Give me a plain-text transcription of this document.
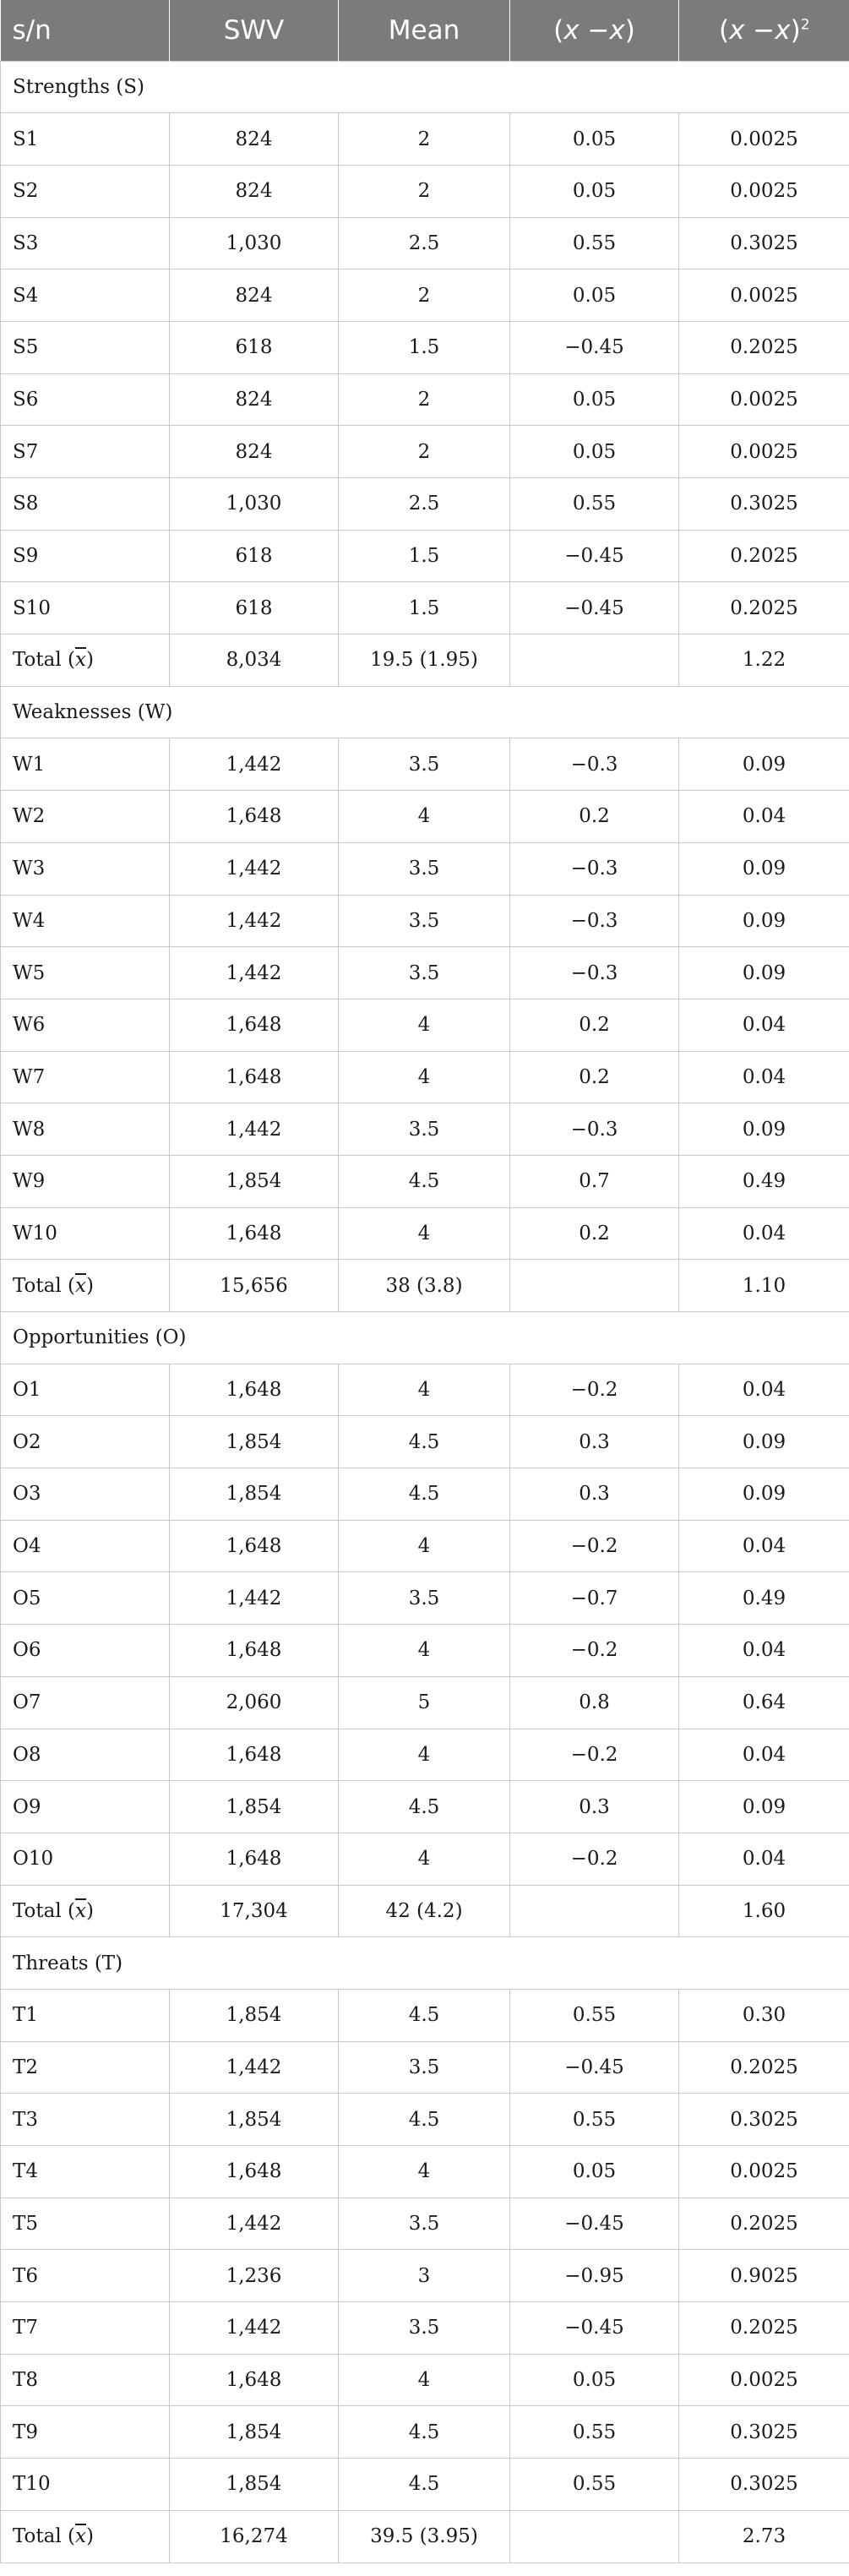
s/n	SWV	Mean	(x −x)	$(x -x)^2$
Strengths (S)				
S1	824	2	0.05	0.0025
S2	824	2	0.05	0.0025
S3	1,030	2.5	0.55	0.3025
S4	824	2	0.05	0.0025
S5	618	1.5	−0.45	0.2025
S6	824	2	0.05	0.0025
S7	824	2	0.05	0.0025
S8	1,030	2.5	0.55	0.3025
S9	618	1.5	−0.45	0.2025
S10	618	1.5	−0.45	0.2025
Total $(\overline{x})$	8,034	19.5 (1.95)		1.22
Weaknesses (W)				
W1	1,442	3.5	−0.3	0.09
W2	1,648	4	0.2	0.04
W3	1,442	3.5	−0.3	0.09
W4	1,442	3.5	−0.3	0.09
W5	1,442	3.5	−0.3	0.09
W6	1,648	4	0.2	0.04
W7	1,648	4	0.2	0.04
W8	1,442	3.5	−0.3	0.09
W9	1,854	4.5	0.7	0.49
W10	1,648	4	0.2	0.04
Total $(\overline{x})$	15,656	38 (3.8)		1.10
Opportunities (O)				
O1	1,648	4	−0.2	0.04
O2	1,854	4.5	0.3	0.09
O3	1,854	4.5	0.3	0.09
O4	1,648	4	−0.2	0.04
O5	1,442	3.5	−0.7	0.49
O6	1,648	4	−0.2	0.04
O7	2,060	5	0.8	0.64
O8	1,648	4	−0.2	0.04
O9	1,854	4.5	0.3	0.09
O10	1,648	4	−0.2	0.04
Total $(\overline{x})$	17,304	42 (4.2)		1.60
Threats (T)				
T1	1,854	4.5	0.55	0.30
T2	1,442	3.5	−0.45	0.2025
T3	1,854	4.5	0.55	0.3025
T4	1,648	4	0.05	0.0025
T5	1,442	3.5	−0.45	0.2025
T6	1,236	3	−0.95	0.9025
T7	1,442	3.5	−0.45	0.2025
T8	1,648	4	0.05	0.0025
T9	1,854	4.5	0.55	0.3025
T10	1,854	4.5	0.55	0.3025
Total $(\overline{x})$	16,274	39.5 (3.95)		2.73
